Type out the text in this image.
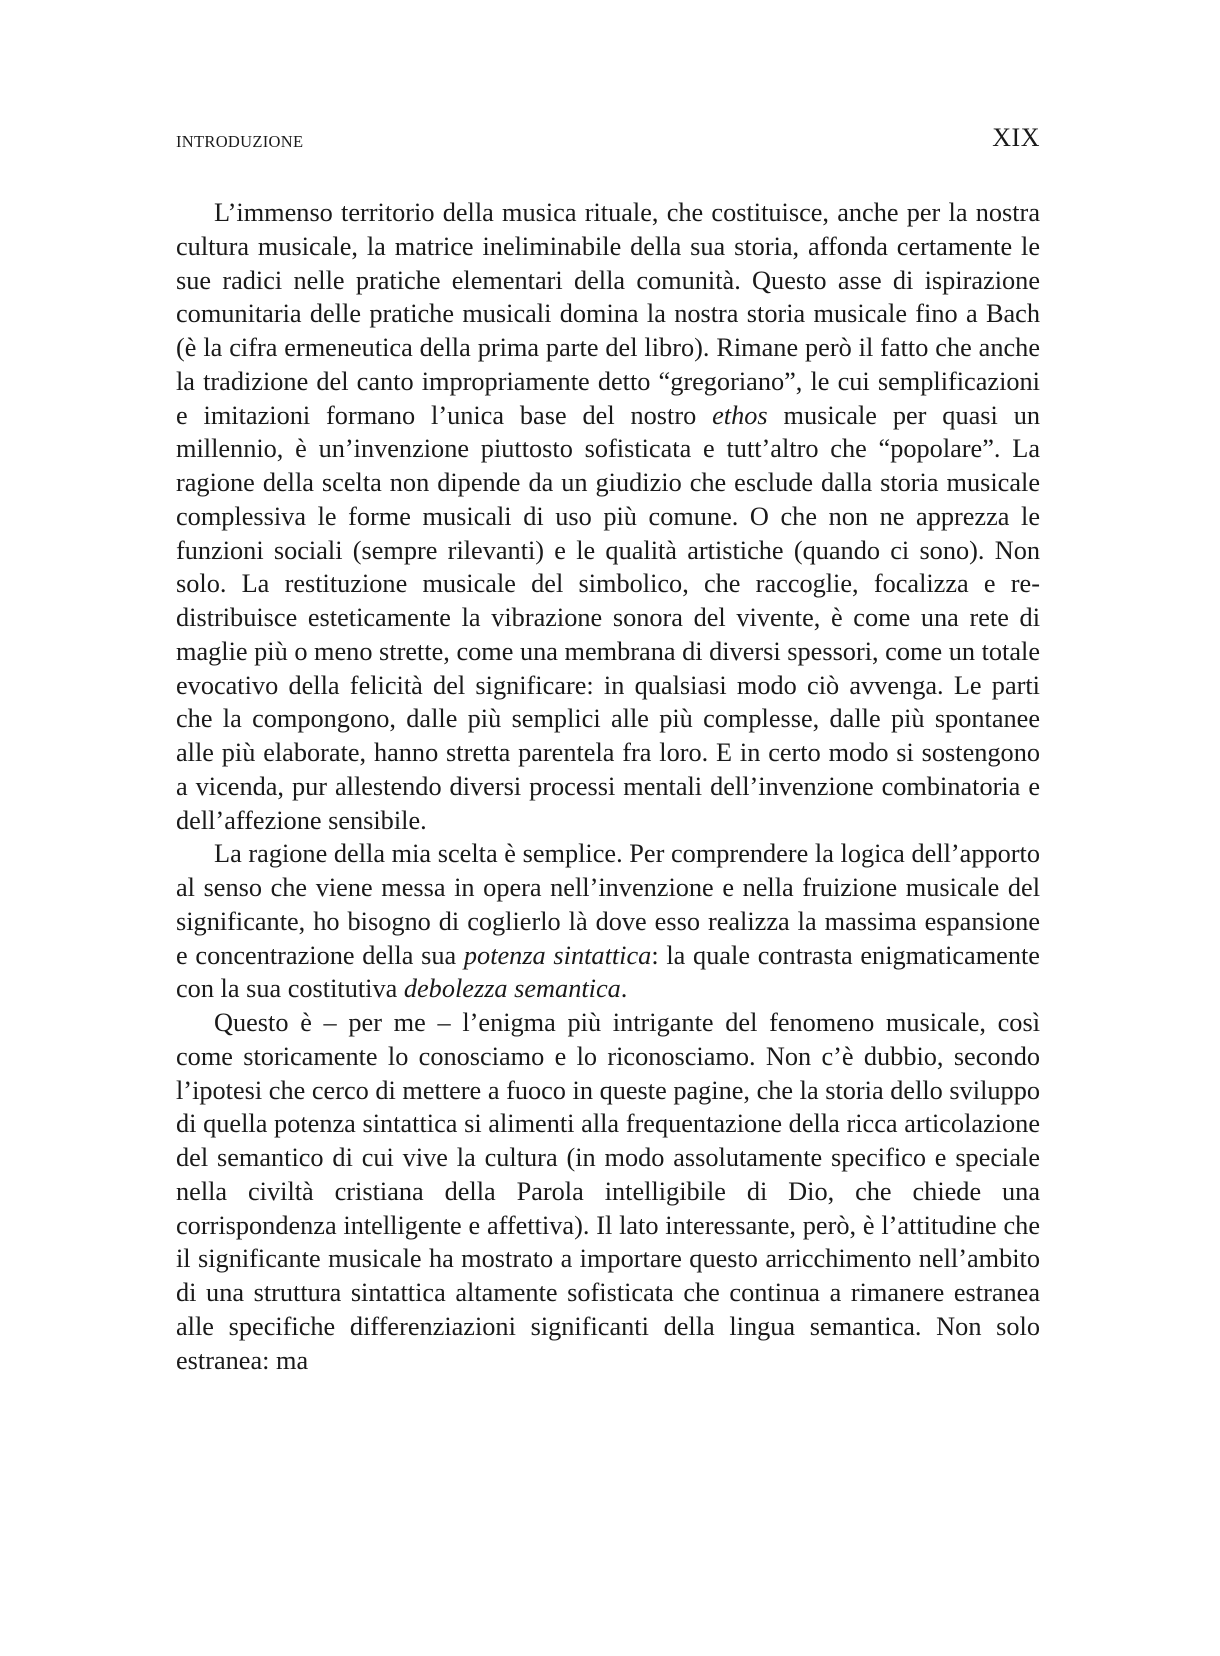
INTRODUZIONE	XIX

L’immenso territorio della musica rituale, che costituisce, anche per la nostra cultura musicale, la matrice ineliminabile della sua storia, affonda certamente le sue radici nelle pratiche elementari della comunità. Questo asse di ispirazione comunitaria delle pratiche musicali domina la nostra storia musicale fino a Bach (è la cifra ermeneutica della prima parte del libro). Rimane però il fatto che anche la tradizione del canto impropriamente detto “gregoriano”, le cui semplificazioni e imitazioni formano l’unica base del nostro ethos musicale per quasi un millennio, è un’invenzione piuttosto sofisticata e tutt’altro che “popolare”. La ragione della scelta non dipende da un giudizio che esclude dalla storia musicale complessiva le forme musicali di uso più comune. O che non ne apprezza le funzioni sociali (sempre rilevanti) e le qualità artistiche (quando ci sono). Non solo. La restituzione musicale del simbolico, che raccoglie, focalizza e redistribuisce esteticamente la vibrazione sonora del vivente, è come una rete di maglie più o meno strette, come una membrana di diversi spessori, come un totale evocativo della felicità del significare: in qualsiasi modo ciò avvenga. Le parti che la compongono, dalle più semplici alle più complesse, dalle più spontanee alle più elaborate, hanno stretta parentela fra loro. E in certo modo si sostengono a vicenda, pur allestendo diversi processi mentali dell’invenzione combinatoria e dell’affezione sensibile.

La ragione della mia scelta è semplice. Per comprendere la logica dell’apporto al senso che viene messa in opera nell’invenzione e nella fruizione musicale del significante, ho bisogno di coglierlo là dove esso realizza la massima espansione e concentrazione della sua potenza sintattica: la quale contrasta enigmaticamente con la sua costitutiva debolezza semantica.

Questo è – per me – l’enigma più intrigante del fenomeno musicale, così come storicamente lo conosciamo e lo riconosciamo. Non c’è dubbio, secondo l’ipotesi che cerco di mettere a fuoco in queste pagine, che la storia dello sviluppo di quella potenza sintattica si alimenti alla frequentazione della ricca articolazione del semantico di cui vive la cultura (in modo assolutamente specifico e speciale nella civiltà cristiana della Parola intelligibile di Dio, che chiede una corrispondenza intelligente e affettiva). Il lato interessante, però, è l’attitudine che il significante musicale ha mostrato a importare questo arricchimento nell’ambito di una struttura sintattica altamente sofisticata che continua a rimanere estranea alle specifiche differenziazioni significanti della lingua semantica. Non solo estranea: ma
